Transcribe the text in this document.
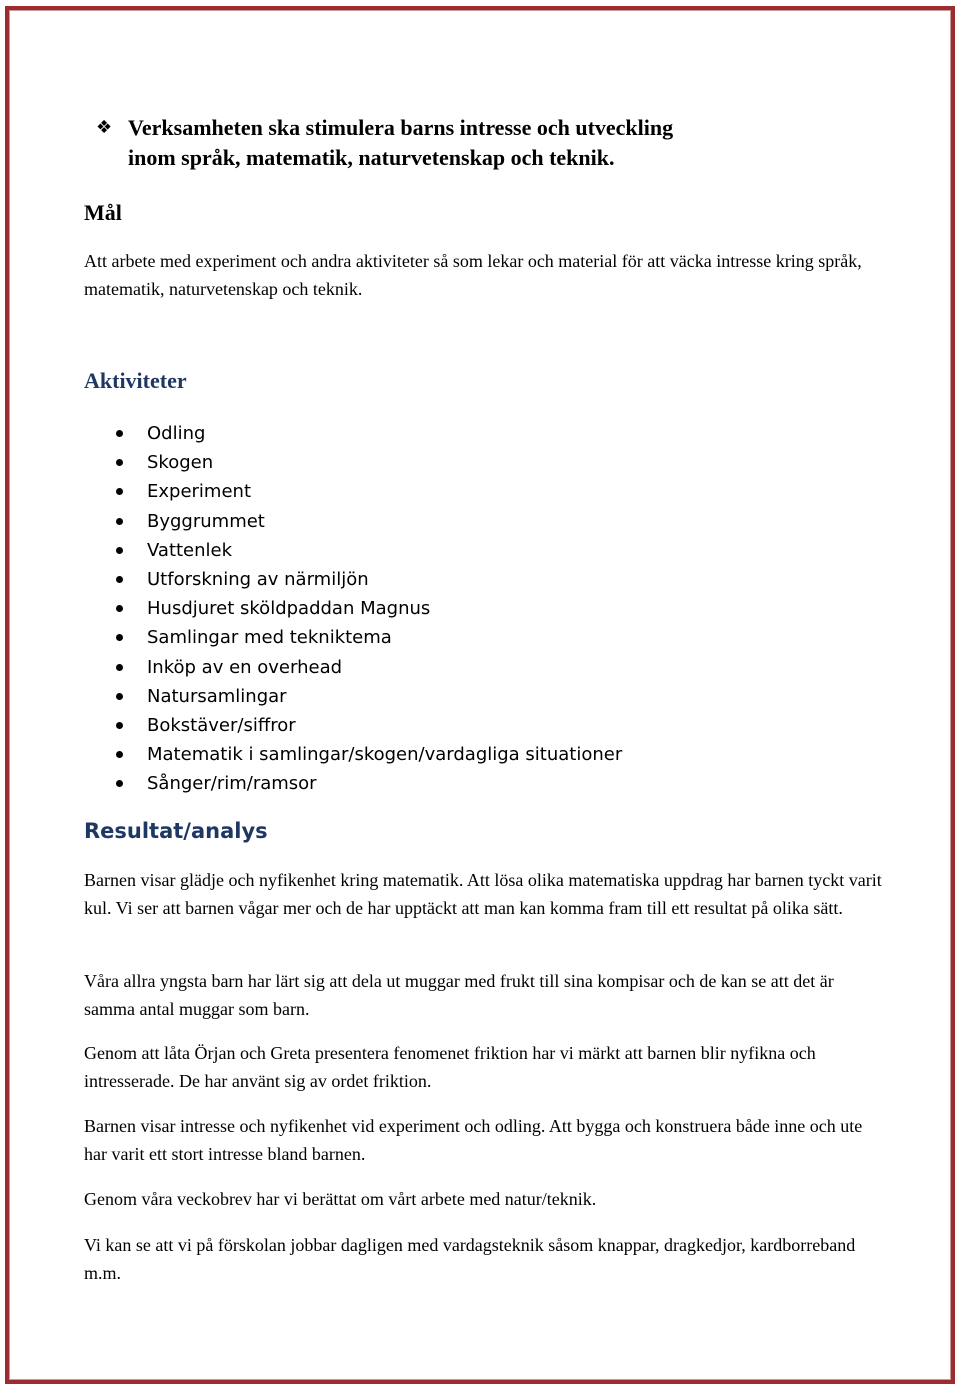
❖ Verksamheten ska stimulera barns intresse och utveckling
inom språk, matematik, naturvetenskap och teknik.
Mål

Att arbete med experiment och andra aktiviteter så som lekar och material för att väcka intresse kring språk, matematik, naturvetenskap och teknik.

Aktiviteter
Odling
Skogen
Experiment
Byggrummet
Vattenlek
Utforskning av närmiljön
Husdjuret sköldpaddan Magnus
Samlingar med tekniktema
Inköp av en overhead
Natursamlingar
Bokstäver/siffror
Matematik i samlingar/skogen/vardagliga situationer
Sånger/rim/ramsor
Resultat/analys

Barnen visar glädje och nyfikenhet kring matematik. Att lösa olika matematiska uppdrag har barnen tyckt varit kul. Vi ser att barnen vågar mer och de har upptäckt att man kan komma fram till ett resultat på olika sätt.

Våra allra yngsta barn har lärt sig att dela ut muggar med frukt till sina kompisar och de kan se att det är samma antal muggar som barn.

Genom att låta Örjan och Greta presentera fenomenet friktion har vi märkt att barnen blir nyfikna och intresserade. De har använt sig av ordet friktion.

Barnen visar intresse och nyfikenhet vid experiment och odling. Att bygga och konstruera både inne och ute har varit ett stort intresse bland barnen.

Genom våra veckobrev har vi berättat om vårt arbete med natur/teknik.

Vi kan se att vi på förskolan jobbar dagligen med vardagsteknik såsom knappar, dragkedjor, kardborreband m.m.
